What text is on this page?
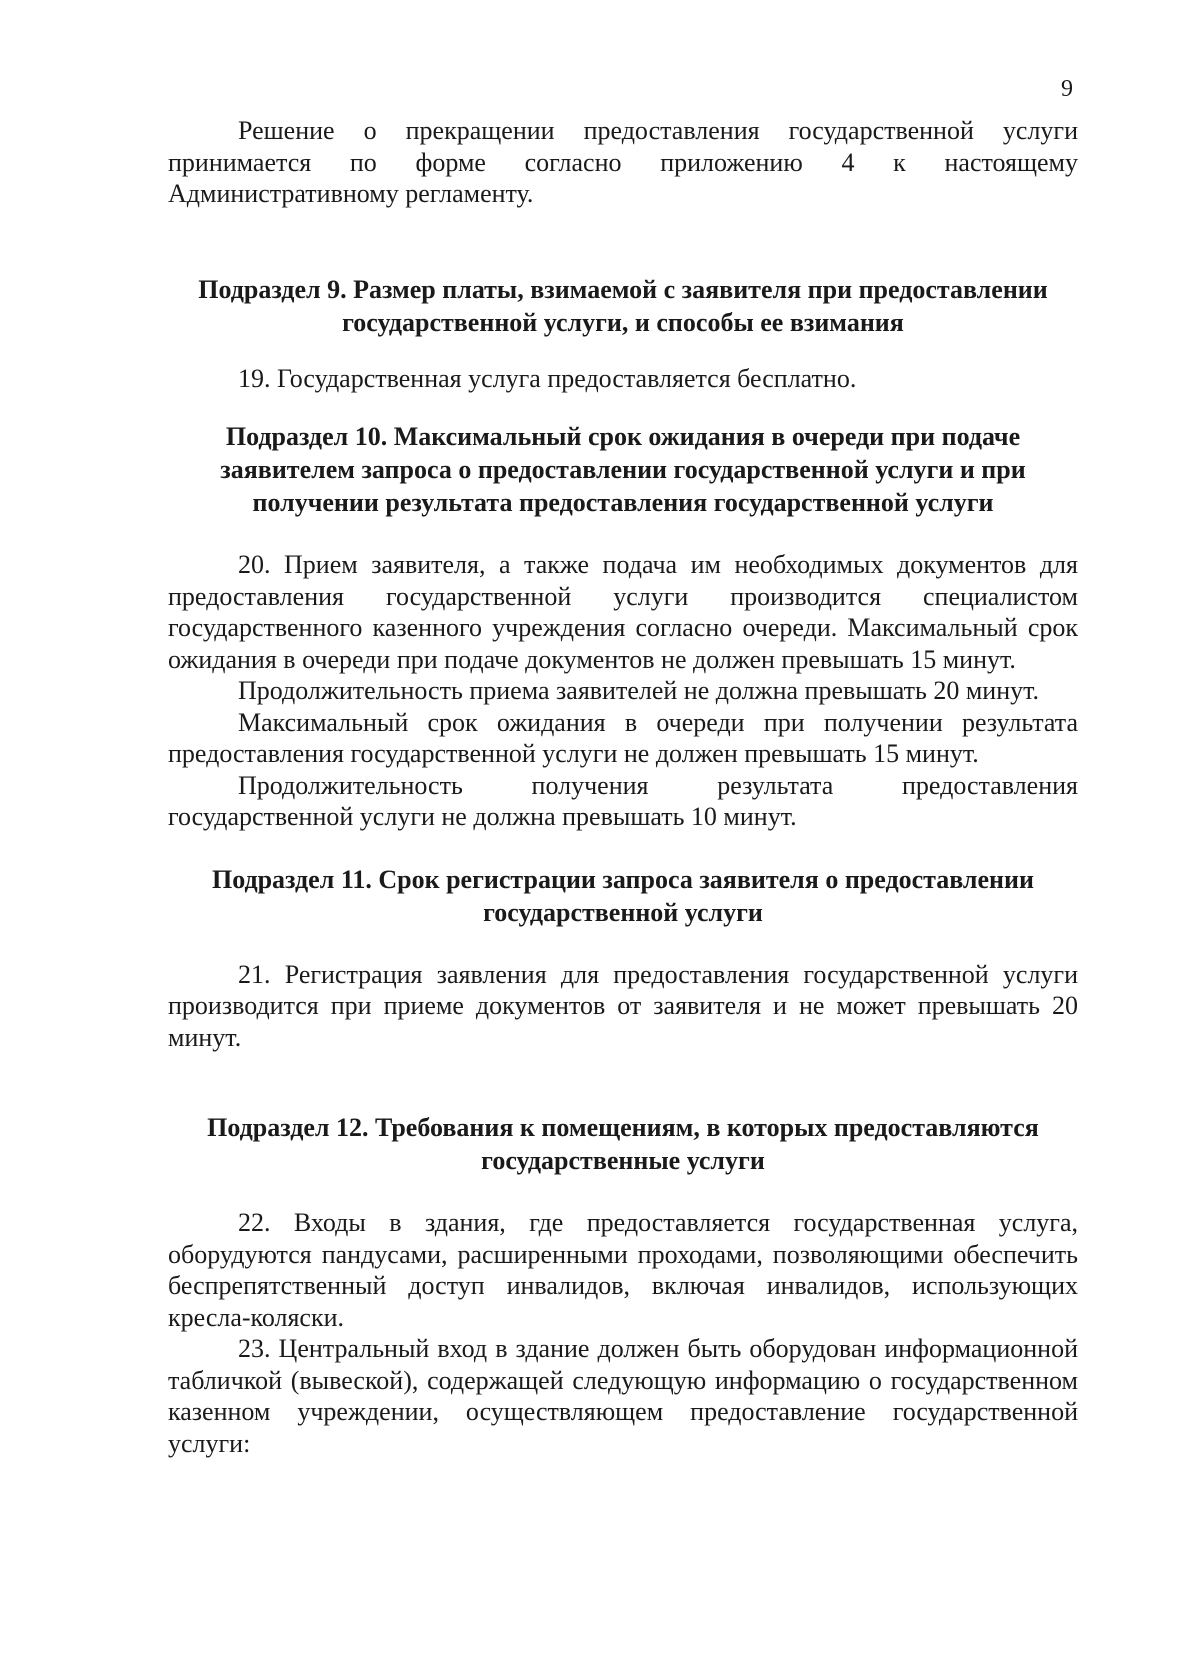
9

Решение о прекращении предоставления государственной услуги принимается по форме согласно приложению 4 к настоящему Административному регламенту.

Подраздел 9. Размер платы, взимаемой с заявителя при предоставлении
государственной услуги, и способы ее взимания

19. Государственная услуга предоставляется бесплатно.

Подраздел 10. Максимальный срок ожидания в очереди при подаче
заявителем запроса о предоставлении государственной услуги и при
получении результата предоставления государственной услуги

20. Прием заявителя, а также подача им необходимых документов для предоставления государственной услуги производится специалистом государственного казенного учреждения согласно очереди. Максимальный срок ожидания в очереди при подаче документов не должен превышать 15 минут.

Продолжительность приема заявителей не должна превышать 20 минут.

Максимальный срок ожидания в очереди при получении результата предоставления государственной услуги не должен превышать 15 минут.

Продолжительность получения результата предоставления государственной услуги не должна превышать 10 минут.

Подраздел 11. Срок регистрации запроса заявителя о предоставлении
государственной услуги

21. Регистрация заявления для предоставления государственной услуги производится при приеме документов от заявителя и не может превышать 20 минут.

Подраздел 12. Требования к помещениям, в которых предоставляются
государственные услуги

22. Входы в здания, где предоставляется государственная услуга, оборудуются пандусами, расширенными проходами, позволяющими обеспечить беспрепятственный доступ инвалидов, включая инвалидов, использующих кресла-коляски.

23. Центральный вход в здание должен быть оборудован информационной табличкой (вывеской), содержащей следующую информацию о государственном казенном учреждении, осуществляющем предоставление государственной услуги:
